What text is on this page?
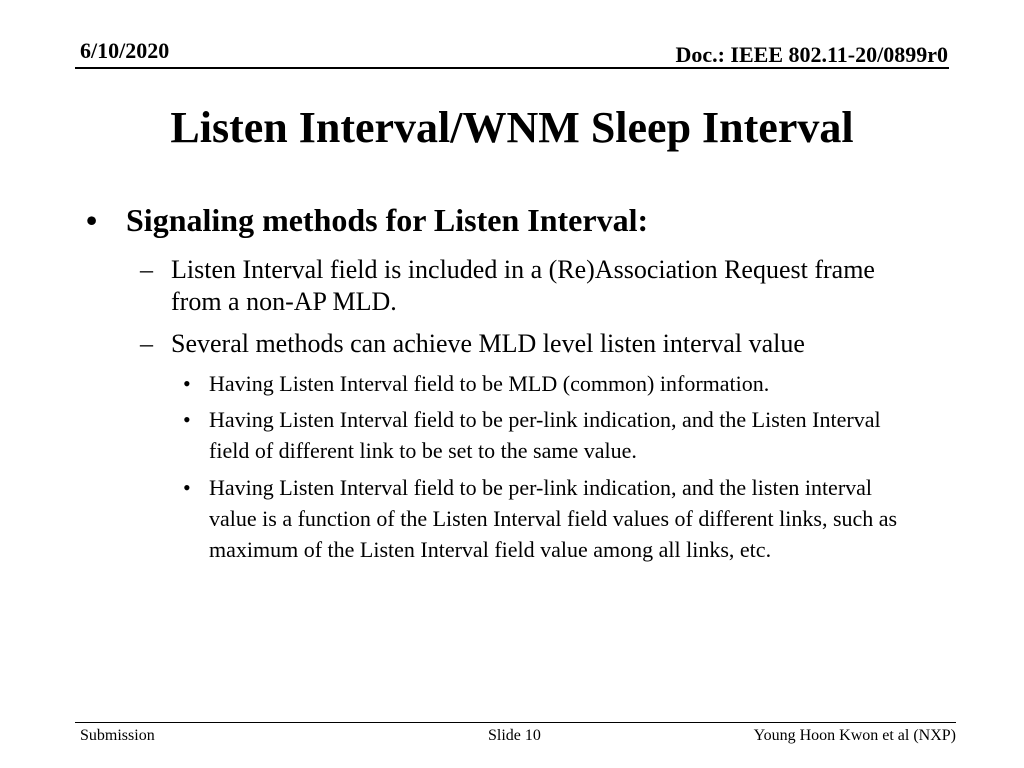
6/10/2020	Doc.: IEEE 802.11-20/0899r0
Listen Interval/WNM Sleep Interval
• Signaling methods for Listen Interval:
– Listen Interval field is included in a (Re)Association Request frame from a non-AP MLD.
– Several methods can achieve MLD level listen interval value
• Having Listen Interval field to be MLD (common) information.
• Having Listen Interval field to be per-link indication, and the Listen Interval field of different link to be set to the same value.
• Having Listen Interval field to be per-link indication, and the listen interval value is a function of the Listen Interval field values of different links, such as maximum of the Listen Interval field value among all links, etc.
Submission	Slide 10	Young Hoon Kwon et al (NXP)
